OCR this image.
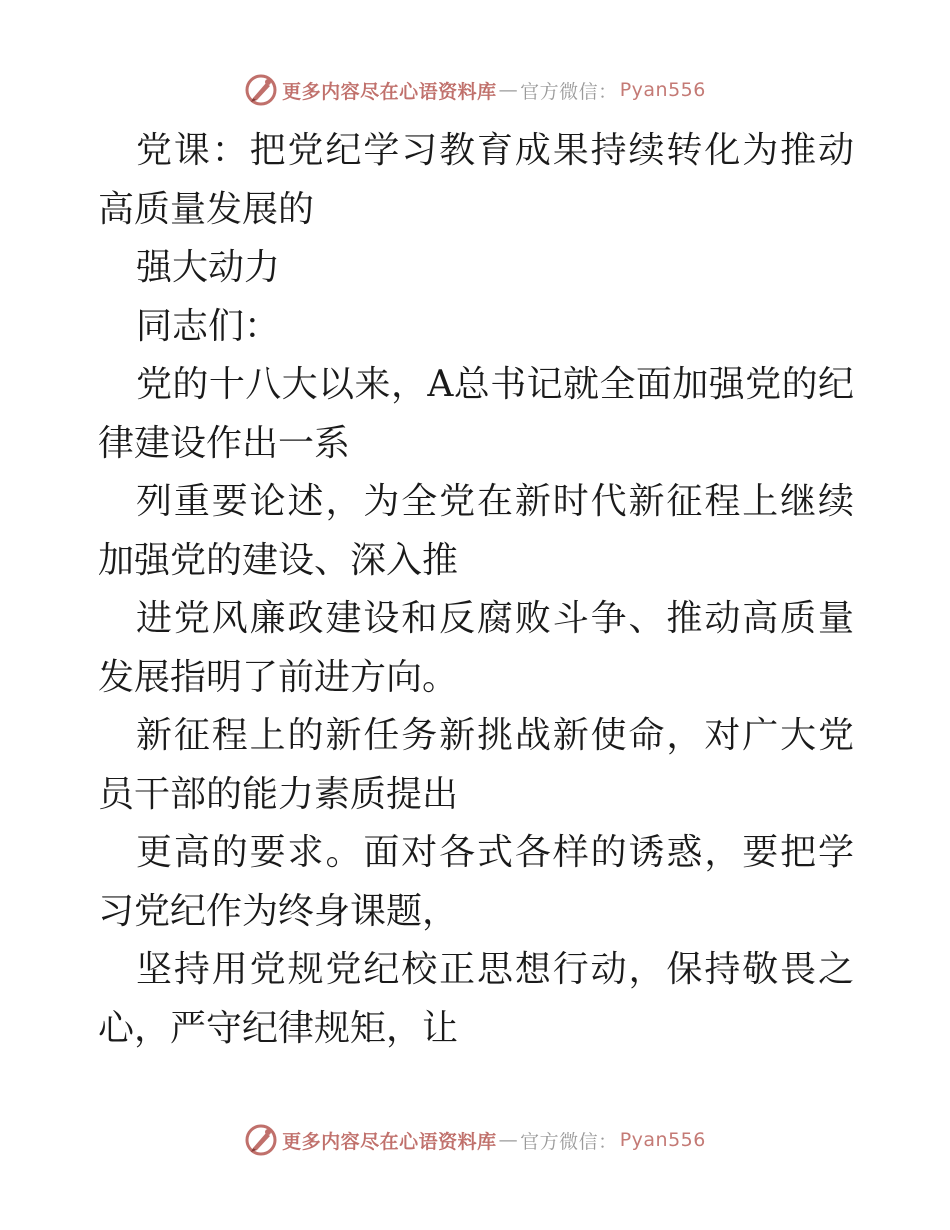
更多内容尽在心语资料库 — 官方微信： Pyan556

党课：把党纪学习教育成果持续转化为推动高质量发展的

强大动力

同志们：

党的十八大以来，A总书记就全面加强党的纪律建设作出一系

列重要论述，为全党在新时代新征程上继续加强党的建设、深入推

进党风廉政建设和反腐败斗争、推动高质量发展指明了前进方向。

新征程上的新任务新挑战新使命，对广大党员干部的能力素质提出

更高的要求。面对各式各样的诱惑，要把学习党纪作为终身课题，

坚持用党规党纪校正思想行动，保持敬畏之心，严守纪律规矩，让

更多内容尽在心语资料库 — 官方微信： Pyan556
